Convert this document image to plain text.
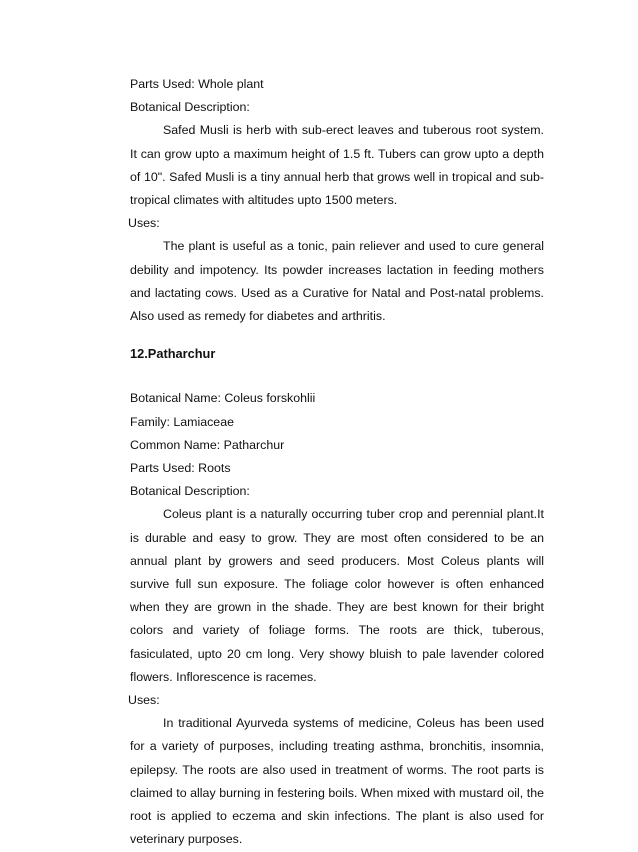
Parts Used: Whole plant

Botanical Description:

Safed Musli is herb with sub-erect leaves and tuberous root system. It can grow upto a maximum height of 1.5 ft. Tubers can grow upto a depth of 10". Safed Musli is a tiny annual herb that grows well in tropical and sub-tropical climates with altitudes upto 1500 meters.

Uses:

The plant is useful as a tonic, pain reliever and used to cure general debility and impotency. Its powder increases lactation in feeding mothers and lactating cows. Used as a Curative for Natal and Post-natal problems. Also used as remedy for diabetes and arthritis.

12.Patharchur

Botanical Name: Coleus forskohlii

Family: Lamiaceae

Common Name: Patharchur

Parts Used: Roots

Botanical Description:

Coleus plant is a naturally occurring tuber crop and perennial plant.It is durable and easy to grow. They are most often considered to be an annual plant by growers and seed producers. Most Coleus plants will survive full sun exposure. The foliage color however is often enhanced when they are grown in the shade. They are best known for their bright colors and variety of foliage forms. The roots are thick, tuberous, fasiculated, upto 20 cm long. Very showy bluish to pale lavender colored flowers. Inflorescence is racemes.

Uses:

In traditional Ayurveda systems of medicine, Coleus has been used for a variety of purposes, including treating asthma, bronchitis, insomnia, epilepsy. The roots are also used in treatment of worms. The root parts is claimed to allay burning in festering boils. When mixed with mustard oil, the root is applied to eczema and skin infections. The plant is also used for veterinary purposes.
